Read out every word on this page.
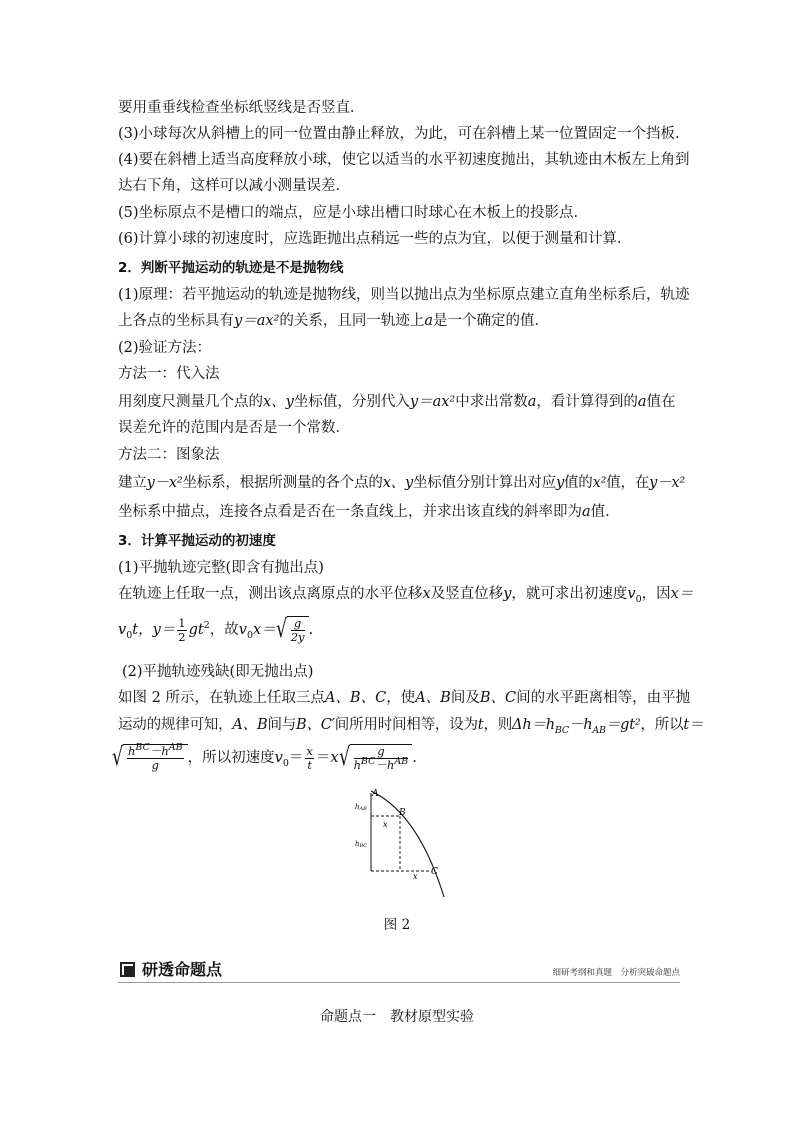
要用重垂线检查坐标纸竖线是否竖直．
(3)小球每次从斜槽上的同一位置由静止释放，为此，可在斜槽上某一位置固定一个挡板．
(4)要在斜槽上适当高度释放小球，使它以适当的水平初速度抛出，其轨迹由木板左上角到
达右下角，这样可以减小测量误差．
(5)坐标原点不是槽口的端点，应是小球出槽口时球心在木板上的投影点．
(6)计算小球的初速度时，应选距抛出点稍远一些的点为宜，以便于测量和计算．
2．判断平抛运动的轨迹是不是抛物线
(1)原理：若平抛运动的轨迹是抛物线，则当以抛出点为坐标原点建立直角坐标系后，轨迹
上各点的坐标具有y＝ax²的关系，且同一轨迹上a是一个确定的值．
(2)验证方法：
方法一：代入法
用刻度尺测量几个点的x、y坐标值，分别代入y＝ax²中求出常数a，看计算得到的a值在
误差允许的范围内是否是一个常数．
方法二：图象法
建立y－x²坐标系，根据所测量的各个点的x、y坐标值分别计算出对应y值的x²值，在y－x²
坐标系中描点，连接各点看是否在一条直线上，并求出该直线的斜率即为a值．
3．计算平抛运动的初速度
(1)平抛轨迹完整(即含有抛出点)
在轨迹上任取一点，测出该点离原点的水平位移x及竖直位移y，就可求出初速度$v_0$，因x＝
$v_0t$，$y= \frac{1}{2} gt^2$，故$v_0x=$ √ $\frac{g}{2y}$ .
(2)平抛轨迹残缺(即无抛出点)
如图 2 所示，在轨迹上任取三点A、B、C，使A、B间及B、C间的水平距离相等，由平抛
运动的规律可知，A、B间与B、C′间所用时间相等，设为t，则$\Delta h=h_{BC}-h_{AB}=gt^2$，所以t＝
√ $\frac{h^{BC}-h^{AB}}{g}$ ，所以初速度$v_0= \frac{x}{t} =x$ √ $\frac{g}{h^{BC}-h^{AB}}$ .
A
B
C
x
x
hAB
hBC
图 2
研透命题点	细研考纲和真题　分析突破命题点
命题点一　教材原型实验
